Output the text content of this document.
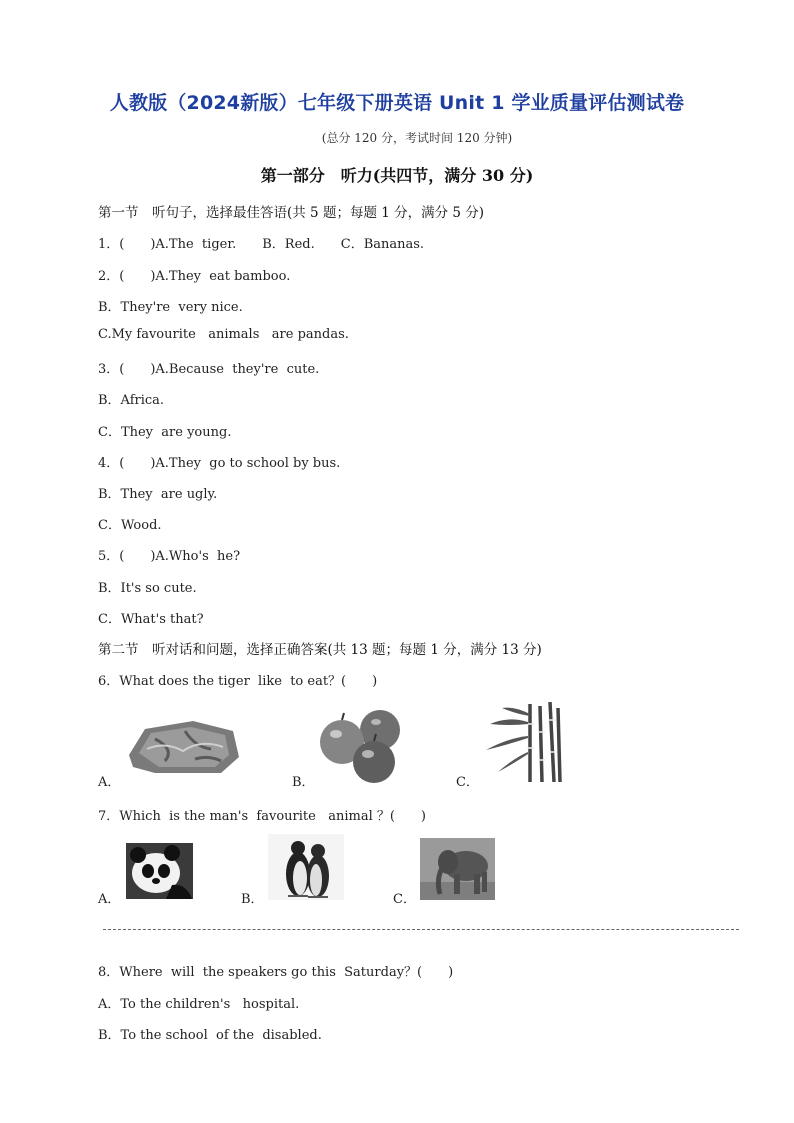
人教版（2024新版）七年级下册英语 Unit 1 学业质量评估测试卷
(总分 120 分，考试时间 120 分钟)
第一部分　听力(共四节，满分 30 分)
第一节　听句子，选择最佳答语(共 5 题；每题 1 分，满分 5 分)
1．(　　)A.The  tiger.　　B．Red.　　C．Bananas.
2．(　　)A.They  eat bamboo.
B．They're  very nice.
C.My favourite   animals   are pandas.
3．(　　)A.Because  they're  cute.
B．Africa.
C．They  are young.
4．(　　)A.They  go to school by bus.
B．They  are ugly.
C．Wood.
5．(　　)A.Who's  he?
B．It's so cute.
C．What's that?
第二节　听对话和问题，选择正确答案(共 13 题；每题 1 分，满分 13 分)
6．What does the tiger  like  to eat？(　　)
A．	B．	C．
7．Which  is the man's  favourite   animal ？(　　)
A．	B．	C．
8．Where  will  the speakers go this  Saturday？(　　)
A．To the children's   hospital.
B．To the school  of the  disabled.
